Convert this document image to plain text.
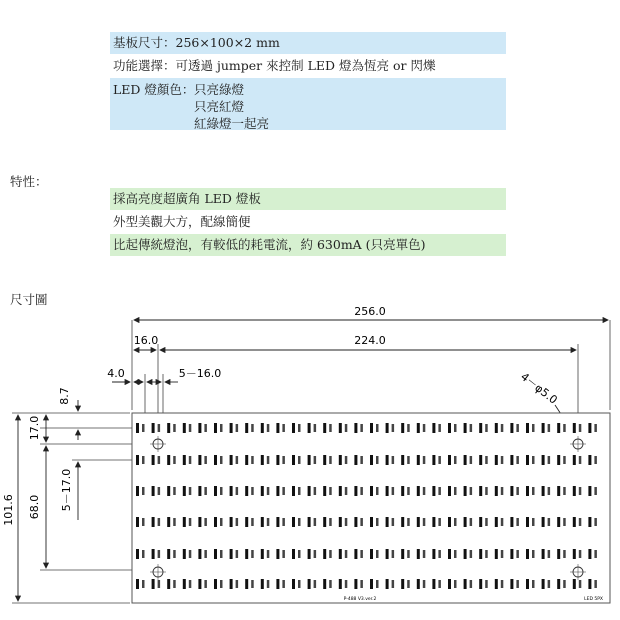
基板尺寸：256×100×2 mm
功能選擇：可透過 jumper 來控制 LED 燈為恆亮 or 閃爍
LED 燈顏色： 只亮綠燈
只亮紅燈
紅綠燈一起亮
特性：
採高亮度超廣角 LED 燈板
外型美觀大方，配線簡便
比起傳統燈泡，有較低的耗電流，約 630mA (只亮單色)
尺寸圖
256.0
16.0	224.0
4.0	5－16.0	4－φ5.0
8.7
17.0
101.6 68.0 5－17.0
P-488 V3.ver.2	LED 5PX
